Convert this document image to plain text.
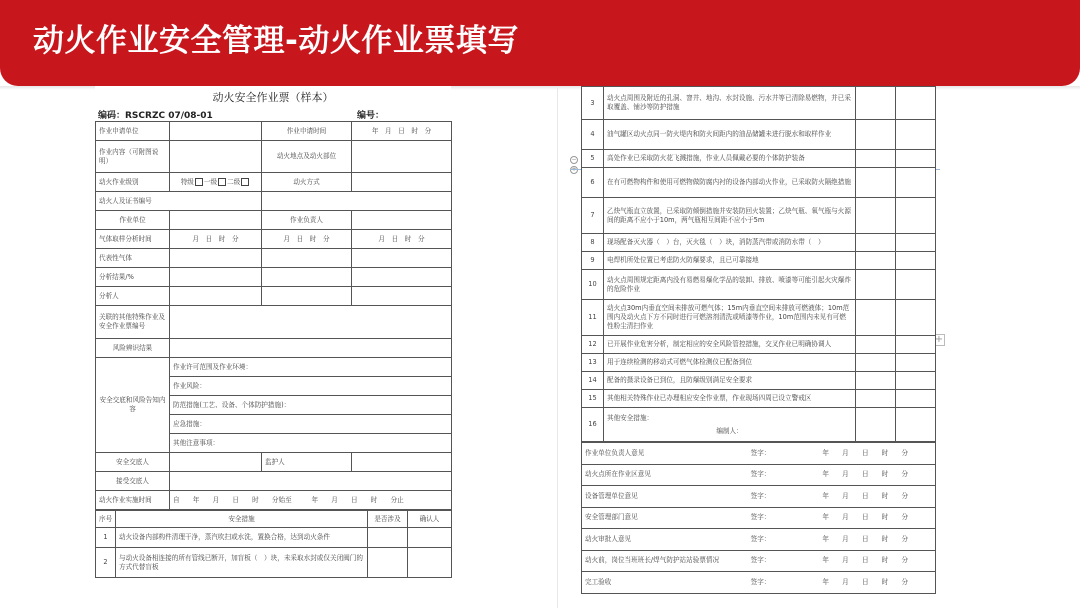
动火作业安全管理-动火作业票填写
动火安全作业票（样本）
编码：RSCRZC 07/08-01	编号：
作业申请单位		作业申请时间	年　月　日　时　分
作业内容（可附图说明）		动火地点及动火部位	
动火作业级别	特级 一级 二级	动火方式	
动火人及证书编号			
作业单位		作业负责人	
气体取样分析时间	月　日　时　分	月　日　时　分	月　日　时　分
代表性气体			
分析结果/%			
分析人			
关联的其他特殊作业及安全作业票编号			
风险辨识结果			
安全交底和风险告知内容	作业许可范围及作业环境：		
	作业风险：		
	防范措施(工艺、设备、个体防护措施)：		
	应急措施：		
	其他注意事项：		
安全交底人		监护人	
接受交底人			
动火作业实施时间	自　　年　　月　　日　　时　　分始至　　　年　　月　　日　　时　　分止		
序号	安全措施	是否涉及	确认人
1	动火设备内部构件清理干净，蒸汽吹扫或水洗，置换合格，达到动火条件		
2	与动火设备相连接的所有管线已断开，加盲板（　）块，未采取水封或仅关闭阀门的方式代替盲板		
−
+
3	动火点周围及附近的孔洞、窨井、地沟、水封设施、污水井等已清除易燃物，并已采取覆盖、铺沙等防护措施		
4	油气罐区动火点同一防火堤内和防火间距内的油品储罐未进行脱水和取样作业		
5	高处作业已采取防火花飞溅措施，作业人员佩戴必要的个体防护装备		
6	在有可燃物构件和使用可燃物做防腐内衬的设备内部动火作业，已采取防火隔绝措施		
7	乙炔气瓶直立放置，已采取防倾倒措施并安装防回火装置；乙炔气瓶、氧气瓶与火源间的距离不应小于10m，两气瓶相互间距不应小于5m		
8	现场配备灭火器（　）台，灭火毯（　）块，消防蒸汽带或消防水带（　）		
9	电焊机所处位置已考虑防火防爆要求，且已可靠接地		
10	动火点周围规定距离内没有易燃易爆化学品的装卸、排放、喷漆等可能引起火灾爆炸的危险作业		
11	动火点30m内垂直空间未排放可燃气体；15m内垂直空间未排放可燃液体；10m范围内及动火点下方不同时进行可燃溶剂清洗或喷漆等作业，10m范围内未见有可燃性粉尘清扫作业		
12	已开展作业危害分析，制定相应的安全风险管控措施，交叉作业已明确协调人		
13	用于连续检测的移动式可燃气体检测仪已配备到位		
14	配备的摄录设备已到位，且防爆级别满足安全要求		
15	其他相关特殊作业已办理相应安全作业票，作业现场四周已设立警戒区		
16	其他安全措施：
编制人：		

作业单位负责人意见	签字：	年　　月　　日　　时　　分
动火点所在作业区意见	签字：	年　　月　　日　　时　　分
设备管理单位意见	签字：	年　　月　　日　　时　　分
安全管理部门意见	签字：	年　　月　　日　　时　　分
动火审批人意见	签字：	年　　月　　日　　时　　分
动火前，岗位当班班长/焊气防护站站验票情况	签字：	年　　月　　日　　时　　分
完工验收	签字：	年　　月　　日　　时　　分
